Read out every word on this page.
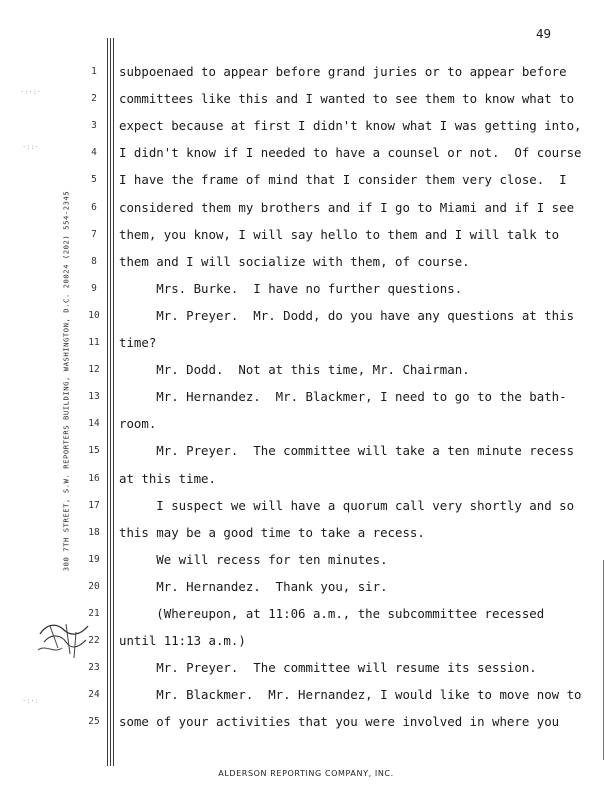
49
300 7TH STREET, S.W. REPORTERS BUILDING, WASHINGTON, D.C. 20024 (202) 554-2345
·:·:·
·::·
·:·:
1	subpoenaed to appear before grand juries or to appear before
2	committees like this and I wanted to see them to know what to
3	expect because at first I didn't know what I was getting into,
4	I didn't know if I needed to have a counsel or not.  Of course
5	I have the frame of mind that I consider them very close.  I
6	considered them my brothers and if I go to Miami and if I see
7	them, you know, I will say hello to them and I will talk to
8	them and I will socialize with them, of course.
9	Mrs. Burke.  I have no further questions.
10 Mr. Preyer.  Mr. Dodd, do you have any questions at this
11 time?
12 Mr. Dodd.  Not at this time, Mr. Chairman.
13 Mr. Hernandez.  Mr. Blackmer, I need to go to the bath-
14 room.
15 Mr. Preyer.  The committee will take a ten minute recess
16 at this time.
17 I suspect we will have a quorum call very shortly and so
18 this may be a good time to take a recess.
19 We will recess for ten minutes.
20 Mr. Hernandez.  Thank you, sir.
21 (Whereupon, at 11:06 a.m., the subcommittee recessed
22 until 11:13 a.m.)
23 Mr. Preyer.  The committee will resume its session.
24 Mr. Blackmer.  Mr. Hernandez, I would like to move now to
25 some of your activities that you were involved in where you
ALDERSON REPORTING COMPANY, INC.
